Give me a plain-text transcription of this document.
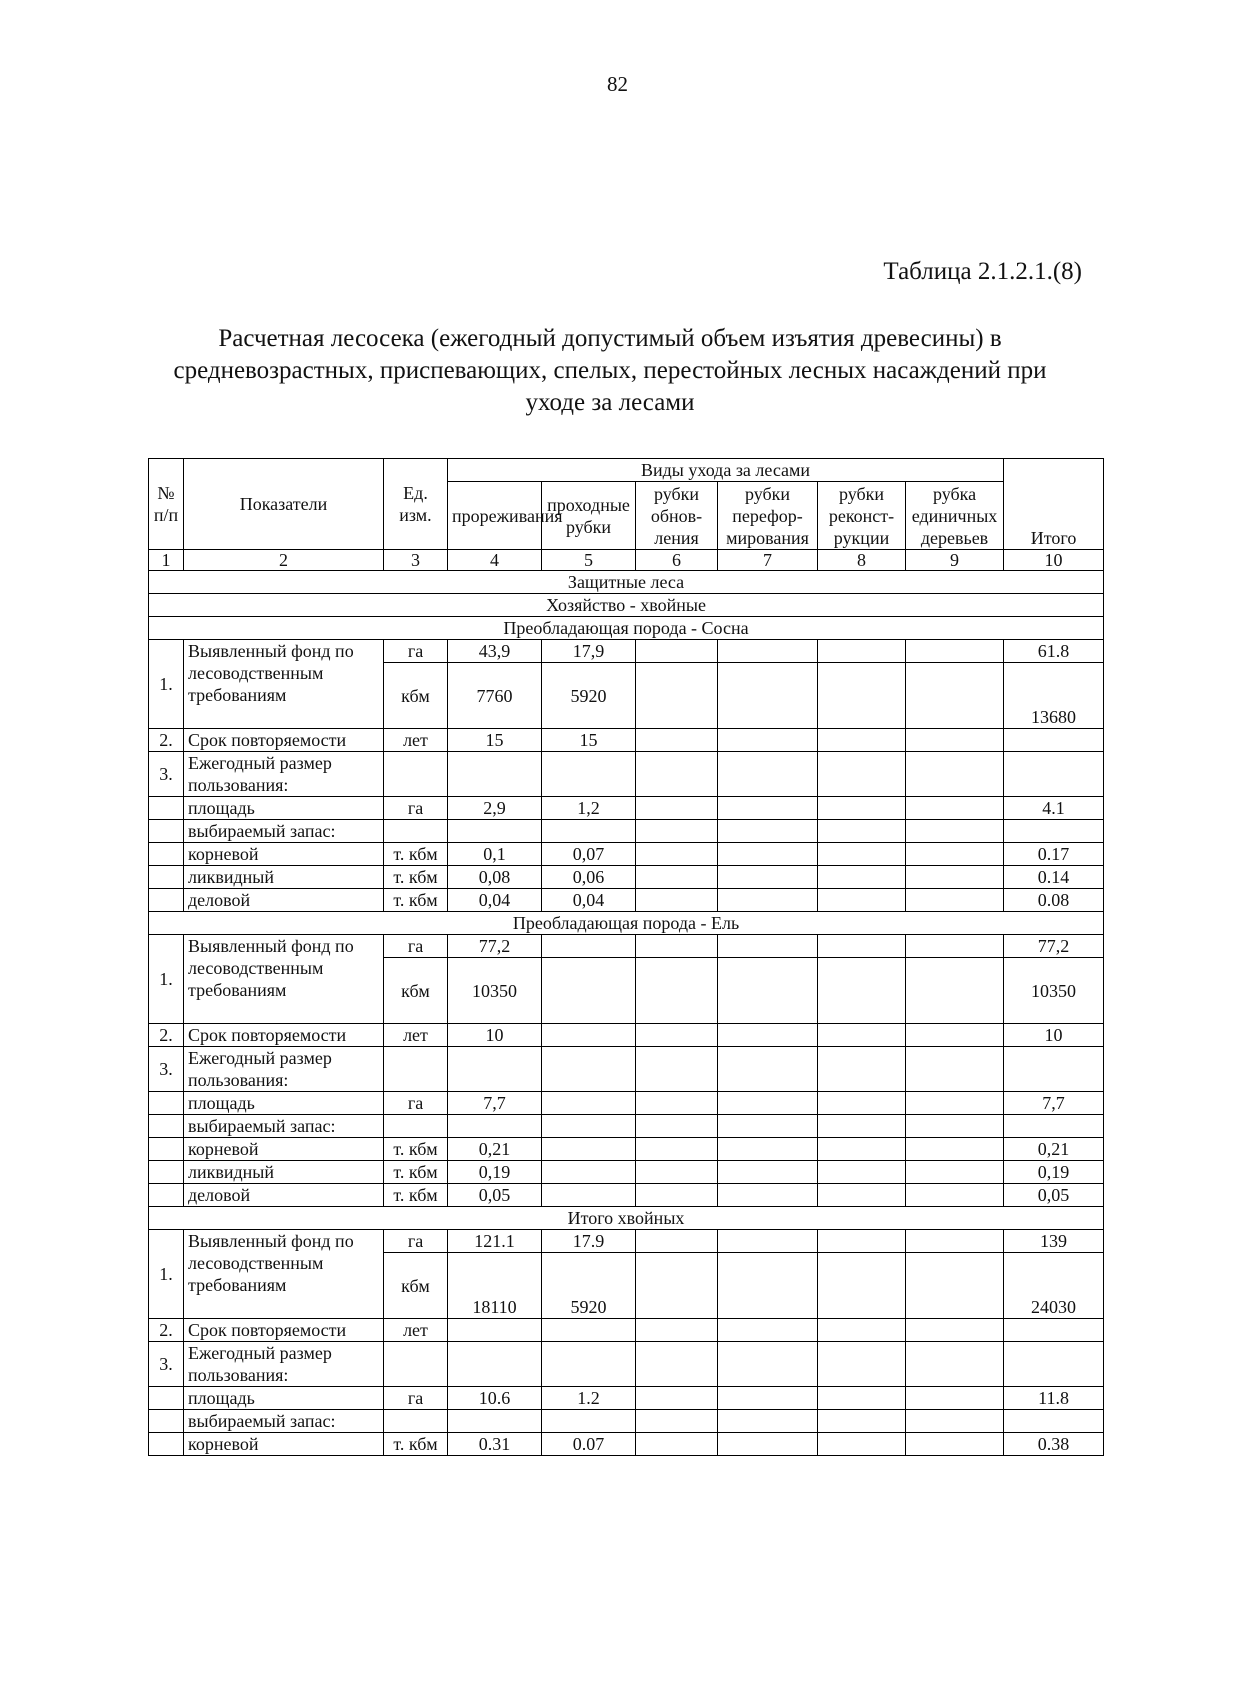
82
Таблица 2.1.2.1.(8)
Расчетная лесосека (ежегодный допустимый объем изъятия древесины) в средневозрастных, приспевающих, спелых, перестойных лесных насаждений при уходе за лесами
№ п/п	Показатели	Ед. изм.	Виды ухода за лесами						Итого
			прореживания	проходные рубки	рубки обнов-ления	рубки перефор-мирования	рубки реконст-рукции	рубка единичных деревьев	
1	2	3	4	5	6	7	8	9	10
Защитные леса									
Хозяйство - хвойные									
Преобладающая порода - Сосна									
1.	Выявленный фонд по лесоводственным требованиям	га	43,9	17,9					61.8
		кбм	7760	5920					13680
2.	Срок повторяемости	лет	15	15					
3.	Ежегодный размер пользования:								
	площадь	га	2,9	1,2					4.1
	выбираемый запас:								
	корневой	т. кбм	0,1	0,07					0.17
	ликвидный	т. кбм	0,08	0,06					0.14
	деловой	т. кбм	0,04	0,04					0.08
Преобладающая порода - Ель									
1.	Выявленный фонд по лесоводственным требованиям	га	77,2						77,2
		кбм	10350						10350
2.	Срок повторяемости	лет	10						10
3.	Ежегодный размер пользования:								
	площадь	га	7,7						7,7
	выбираемый запас:								
	корневой	т. кбм	0,21						0,21
	ликвидный	т. кбм	0,19						0,19
	деловой	т. кбм	0,05						0,05
Итого хвойных									
1.	Выявленный фонд по лесоводственным требованиям	га	121.1	17.9					139
		кбм	18110	5920					24030
2.	Срок повторяемости	лет							
3.	Ежегодный размер пользования:								
	площадь	га	10.6	1.2					11.8
	выбираемый запас:								
	корневой	т. кбм	0.31	0.07					0.38
